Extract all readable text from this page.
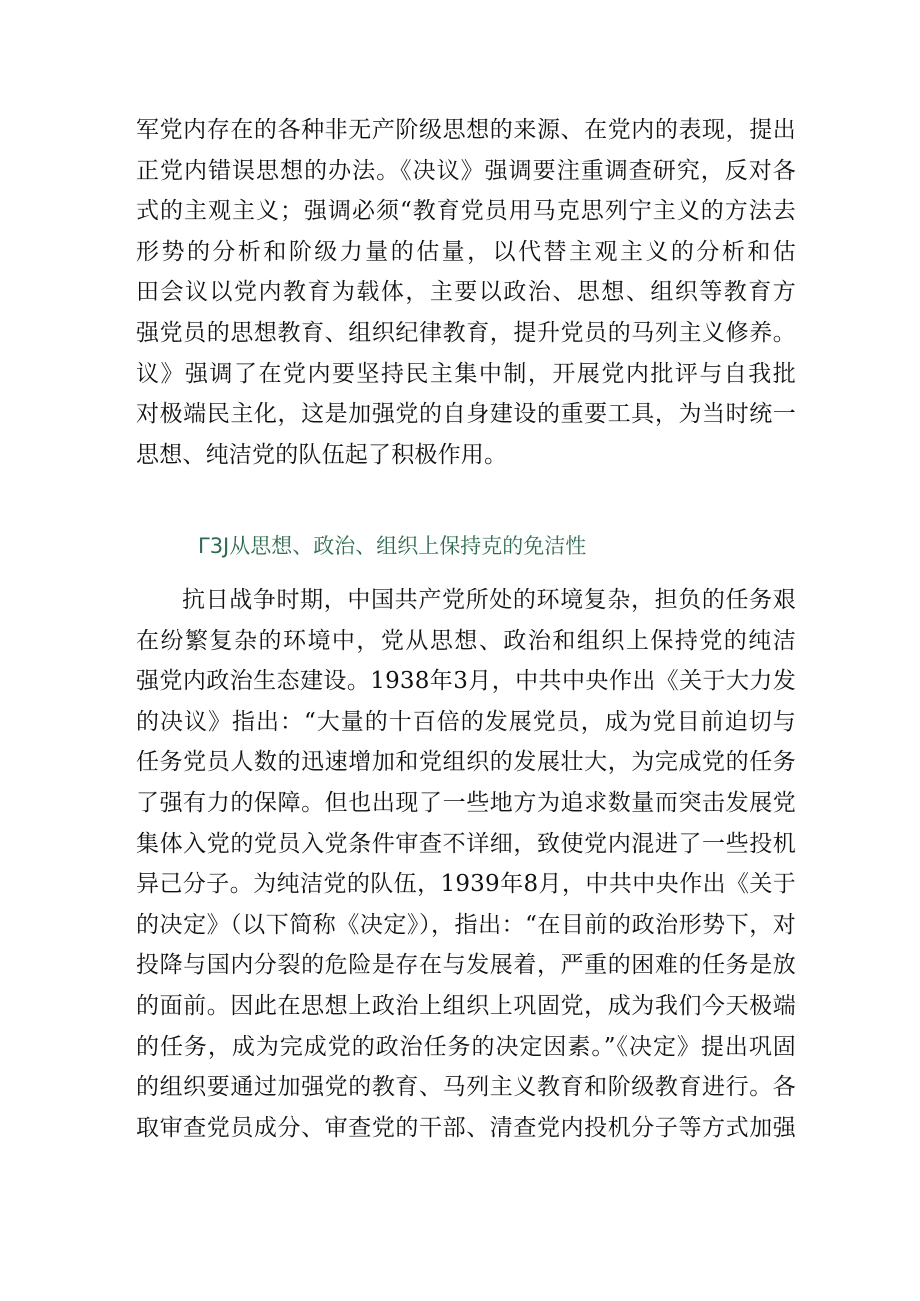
军党内存在的各种非无产阶级思想的来源、在党内的表现，提出
正党内错误思想的办法。《决议》强调要注重调查研究，反对各
式的主观主义；强调必须“教育党员用马克思列宁主义的方法去
形势的分析和阶级力量的估量，以代替主观主义的分析和估
田会议以党内教育为载体，主要以政治、思想、组织等教育方
强党员的思想教育、组织纪律教育，提升党员的马列主义修养。
议》强调了在党内要坚持民主集中制，开展党内批评与自我批
对极端民主化，这是加强党的自身建设的重要工具，为当时统一
思想、纯洁党的队伍起了积极作用。
Γ3J从思想、政治、组织上保持克的免洁性
抗日战争时期，中国共产党所处的环境复杂，担负的任务艰
在纷繁复杂的环境中，党从思想、政治和组织上保持党的纯洁
强党内政治生态建设。1938年3月，中共中央作出《关于大力发
的决议》指出：“大量的十百倍的发展党员，成为党目前迫切与
任务党员人数的迅速增加和党组织的发展壮大，为完成党的任务
了强有力的保障。但也出现了一些地方为追求数量而突击发展党
集体入党的党员入党条件审查不详细，致使党内混进了一些投机
异己分子。为纯洁党的队伍，1939年8月，中共中央作出《关于
的决定》（以下简称《决定》），指出：“在目前的政治形势下，对
投降与国内分裂的危险是存在与发展着，严重的困难的任务是放
的面前。因此在思想上政治上组织上巩固党，成为我们今天极端
的任务，成为完成党的政治任务的决定因素。”《决定》提出巩固
的组织要通过加强党的教育、马列主义教育和阶级教育进行。各
取审查党员成分、审查党的干部、清查党内投机分子等方式加强
